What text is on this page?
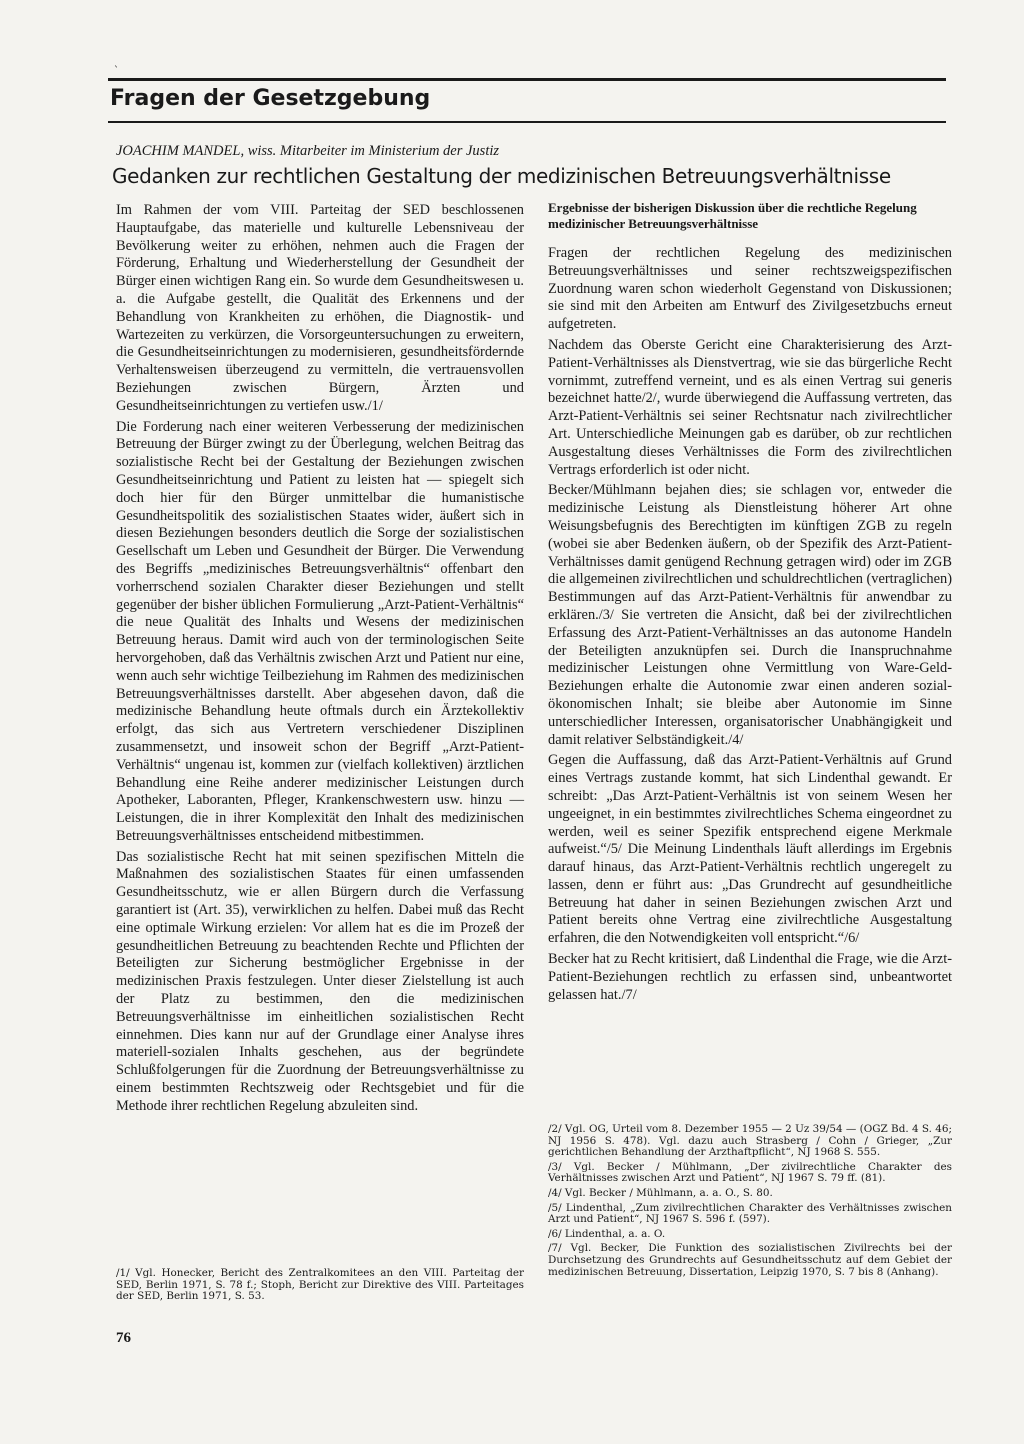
`
Fragen der Gesetzgebung

JOACHIM MANDEL, wiss. Mitarbeiter im Ministerium der Justiz

Gedanken zur rechtlichen Gestaltung der medizinischen Betreuungsverhältnisse

Im Rahmen der vom VIII. Parteitag der SED beschlossenen Hauptaufgabe, das materielle und kulturelle Lebensniveau der Bevölkerung weiter zu erhöhen, nehmen auch die Fragen der Förderung, Erhaltung und Wiederherstellung der Gesundheit der Bürger einen wichtigen Rang ein. So wurde dem Gesundheitswesen u. a. die Aufgabe gestellt, die Qualität des Erkennens und der Behandlung von Krankheiten zu erhöhen, die Diagnostik- und Wartezeiten zu verkürzen, die Vorsorgeuntersuchungen zu erweitern, die Gesundheitseinrichtungen zu modernisieren, gesundheitsfördernde Verhaltensweisen überzeugend zu vermitteln, die vertrauensvollen Beziehungen zwischen Bürgern, Ärzten und Gesundheitseinrichtungen zu vertiefen usw./1/

Die Forderung nach einer weiteren Verbesserung der medizinischen Betreuung der Bürger zwingt zu der Überlegung, welchen Beitrag das sozialistische Recht bei der Gestaltung der Beziehungen zwischen Gesundheitseinrichtung und Patient zu leisten hat — spiegelt sich doch hier für den Bürger unmittelbar die humanistische Gesundheitspolitik des sozialistischen Staates wider, äußert sich in diesen Beziehungen besonders deutlich die Sorge der sozialistischen Gesellschaft um Leben und Gesundheit der Bürger. Die Verwendung des Begriffs „medizinisches Betreuungsverhältnis“ offenbart den vorherrschend sozialen Charakter dieser Beziehungen und stellt gegenüber der bisher üblichen Formulierung „Arzt-Patient-Verhältnis“ die neue Qualität des Inhalts und Wesens der medizinischen Betreuung heraus. Damit wird auch von der terminologischen Seite hervorgehoben, daß das Verhältnis zwischen Arzt und Patient nur eine, wenn auch sehr wichtige Teilbeziehung im Rahmen des medizinischen Betreuungsverhältnisses darstellt. Aber abgesehen davon, daß die medizinische Behandlung heute oftmals durch ein Ärztekollektiv erfolgt, das sich aus Vertretern verschiedener Disziplinen zusammensetzt, und insoweit schon der Begriff „Arzt-Patient-Verhältnis“ ungenau ist, kommen zur (vielfach kollektiven) ärztlichen Behandlung eine Reihe anderer medizinischer Leistungen durch Apotheker, Laboranten, Pfleger, Krankenschwestern usw. hinzu — Leistungen, die in ihrer Komplexität den Inhalt des medizinischen Betreuungsverhältnisses entscheidend mitbestimmen.

Das sozialistische Recht hat mit seinen spezifischen Mitteln die Maßnahmen des sozialistischen Staates für einen umfassenden Gesundheitsschutz, wie er allen Bürgern durch die Verfassung garantiert ist (Art. 35), verwirklichen zu helfen. Dabei muß das Recht eine optimale Wirkung erzielen: Vor allem hat es die im Prozeß der gesundheitlichen Betreuung zu beachtenden Rechte und Pflichten der Beteiligten zur Sicherung bestmöglicher Ergebnisse in der medizinischen Praxis festzulegen. Unter dieser Zielstellung ist auch der Platz zu bestimmen, den die medizinischen Betreuungsverhältnisse im einheitlichen sozialistischen Recht einnehmen. Dies kann nur auf der Grundlage einer Analyse ihres materiell-sozialen Inhalts geschehen, aus der begründete Schlußfolgerungen für die Zuordnung der Betreuungsverhältnisse zu einem bestimmten Rechtszweig oder Rechtsgebiet und für die Methode ihrer rechtlichen Regelung abzuleiten sind.

/1/ Vgl. Honecker, Bericht des Zentralkomitees an den VIII. Parteitag der SED, Berlin 1971, S. 78 f.; Stoph, Bericht zur Direktive des VIII. Parteitages der SED, Berlin 1971, S. 53.

Ergebnisse der bisherigen Diskussion über die rechtliche Regelung medizinischer Betreuungsverhältnisse

Fragen der rechtlichen Regelung des medizinischen Betreuungsverhältnisses und seiner rechtszweigspezifischen Zuordnung waren schon wiederholt Gegenstand von Diskussionen; sie sind mit den Arbeiten am Entwurf des Zivilgesetzbuchs erneut aufgetreten.

Nachdem das Oberste Gericht eine Charakterisierung des Arzt-Patient-Verhältnisses als Dienstvertrag, wie sie das bürgerliche Recht vornimmt, zutreffend verneint, und es als einen Vertrag sui generis bezeichnet hatte/2/, wurde überwiegend die Auffassung vertreten, das Arzt-Patient-Verhältnis sei seiner Rechtsnatur nach zivilrechtlicher Art. Unterschiedliche Meinungen gab es darüber, ob zur rechtlichen Ausgestaltung dieses Verhältnisses die Form des zivilrechtlichen Vertrags erforderlich ist oder nicht.

Becker/Mühlmann bejahen dies; sie schlagen vor, entweder die medizinische Leistung als Dienstleistung höherer Art ohne Weisungsbefugnis des Berechtigten im künftigen ZGB zu regeln (wobei sie aber Bedenken äußern, ob der Spezifik des Arzt-Patient-Verhältnisses damit genügend Rechnung getragen wird) oder im ZGB die allgemeinen zivilrechtlichen und schuldrechtlichen (vertraglichen) Bestimmungen auf das Arzt-Patient-Verhältnis für anwendbar zu erklären./3/ Sie vertreten die Ansicht, daß bei der zivilrechtlichen Erfassung des Arzt-Patient-Verhältnisses an das autonome Handeln der Beteiligten anzuknüpfen sei. Durch die Inanspruchnahme medizinischer Leistungen ohne Vermittlung von Ware-Geld-Beziehungen erhalte die Autonomie zwar einen anderen sozial-ökonomischen Inhalt; sie bleibe aber Autonomie im Sinne unterschiedlicher Interessen, organisatorischer Unabhängigkeit und damit relativer Selbständigkeit./4/

Gegen die Auffassung, daß das Arzt-Patient-Verhältnis auf Grund eines Vertrags zustande kommt, hat sich Lindenthal gewandt. Er schreibt: „Das Arzt-Patient-Verhältnis ist von seinem Wesen her ungeeignet, in ein bestimmtes zivilrechtliches Schema eingeordnet zu werden, weil es seiner Spezifik entsprechend eigene Merkmale aufweist.“/5/ Die Meinung Lindenthals läuft allerdings im Ergebnis darauf hinaus, das Arzt-Patient-Verhältnis rechtlich ungeregelt zu lassen, denn er führt aus: „Das Grundrecht auf gesundheitliche Betreuung hat daher in seinen Beziehungen zwischen Arzt und Patient bereits ohne Vertrag eine zivilrechtliche Ausgestaltung erfahren, die den Notwendigkeiten voll entspricht.“/6/

Becker hat zu Recht kritisiert, daß Lindenthal die Frage, wie die Arzt-Patient-Beziehungen rechtlich zu erfassen sind, unbeantwortet gelassen hat./7/

/2/ Vgl. OG, Urteil vom 8. Dezember 1955 — 2 Uz 39/54 — (OGZ Bd. 4 S. 46; NJ 1956 S. 478). Vgl. dazu auch Strasberg / Cohn / Grieger, „Zur gerichtlichen Behandlung der Arzthaftpflicht“, NJ 1968 S. 555.

/3/ Vgl. Becker / Mühlmann, „Der zivilrechtliche Charakter des Verhältnisses zwischen Arzt und Patient“, NJ 1967 S. 79 ff. (81).

/4/ Vgl. Becker / Mühlmann, a. a. O., S. 80.

/5/ Lindenthal, „Zum zivilrechtlichen Charakter des Verhältnisses zwischen Arzt und Patient“, NJ 1967 S. 596 f. (597).

/6/ Lindenthal, a. a. O.

/7/ Vgl. Becker, Die Funktion des sozialistischen Zivilrechts bei der Durchsetzung des Grundrechts auf Gesundheitsschutz auf dem Gebiet der medizinischen Betreuung, Dissertation, Leipzig 1970, S. 7 bis 8 (Anhang).

76
